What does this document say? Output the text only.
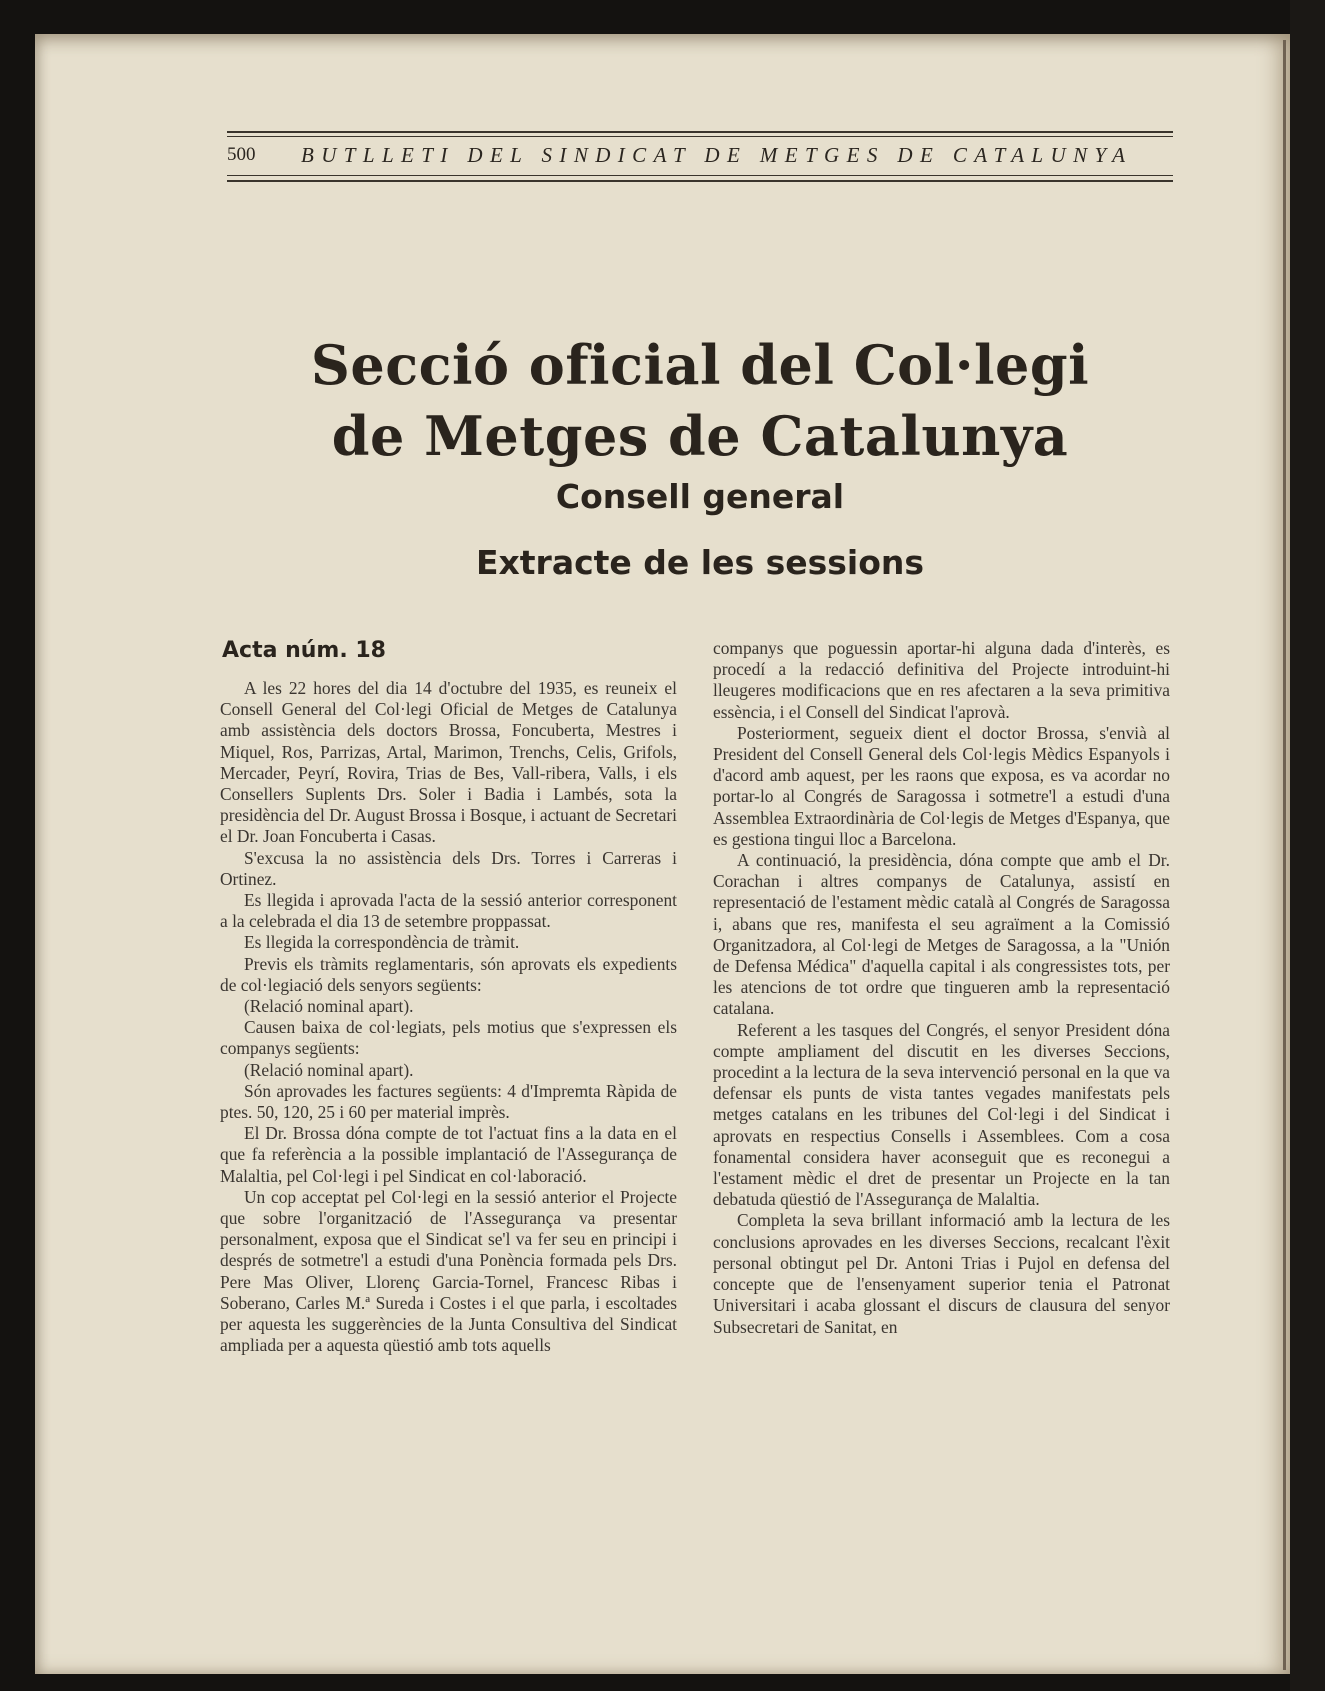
500 BUTLLETI DEL SINDICAT DE METGES DE CATALUNYA
Secció oficial del Col·legi
de Metges de Catalunya
Consell general
Extracte de les sessions
Acta núm. 18

A les 22 hores del dia 14 d'octubre del 1935, es reuneix el Consell General del Col·legi Oficial de Metges de Catalunya amb assistència dels doctors Brossa, Foncuberta, Mestres i Miquel, Ros, Parrizas, Artal, Marimon, Trenchs, Celis, Grifols, Mercader, Peyrí, Rovira, Trias de Bes, Vall-ribera, Valls, i els Consellers Suplents Drs. Soler i Badia i Lambés, sota la presidència del Dr. August Brossa i Bosque, i actuant de Secretari el Dr. Joan Foncuberta i Casas.

S'excusa la no assistència dels Drs. Torres i Carreras i Ortinez.

Es llegida i aprovada l'acta de la sessió anterior corresponent a la celebrada el dia 13 de setembre proppassat.

Es llegida la correspondència de tràmit.

Previs els tràmits reglamentaris, són aprovats els expedients de col·legiació dels senyors següents:

(Relació nominal apart).

Causen baixa de col·legiats, pels motius que s'expressen els companys següents:

(Relació nominal apart).

Són aprovades les factures següents: 4 d'Impremta Ràpida de ptes. 50, 120, 25 i 60 per material imprès.

El Dr. Brossa dóna compte de tot l'actuat fins a la data en el que fa referència a la possible implantació de l'Assegurança de Malaltia, pel Col·legi i pel Sindicat en col·laboració.

Un cop acceptat pel Col·legi en la sessió anterior el Projecte que sobre l'organització de l'Assegurança va presentar personalment, exposa que el Sindicat se'l va fer seu en principi i després de sotmetre'l a estudi d'una Ponència formada pels Drs. Pere Mas Oliver, Llorenç Garcia-Tornel, Francesc Ribas i Soberano, Carles M.ª Sureda i Costes i el que parla, i escoltades per aquesta les suggerències de la Junta Consultiva del Sindicat ampliada per a aquesta qüestió amb tots aquells

companys que poguessin aportar-hi alguna dada d'interès, es procedí a la redacció definitiva del Projecte introduint-hi lleugeres modificacions que en res afectaren a la seva primitiva essència, i el Consell del Sindicat l'aprovà.

Posteriorment, segueix dient el doctor Brossa, s'envià al President del Consell General dels Col·legis Mèdics Espanyols i d'acord amb aquest, per les raons que exposa, es va acordar no portar-lo al Congrés de Saragossa i sotmetre'l a estudi d'una Assemblea Extraordinària de Col·legis de Metges d'Espanya, que es gestiona tingui lloc a Barcelona.

A continuació, la presidència, dóna compte que amb el Dr. Corachan i altres companys de Catalunya, assistí en representació de l'estament mèdic català al Congrés de Saragossa i, abans que res, manifesta el seu agraïment a la Comissió Organitzadora, al Col·legi de Metges de Saragossa, a la "Unión de Defensa Médica" d'aquella capital i als congressistes tots, per les atencions de tot ordre que tingueren amb la representació catalana.

Referent a les tasques del Congrés, el senyor President dóna compte ampliament del discutit en les diverses Seccions, procedint a la lectura de la seva intervenció personal en la que va defensar els punts de vista tantes vegades manifestats pels metges catalans en les tribunes del Col·legi i del Sindicat i aprovats en respectius Consells i Assemblees. Com a cosa fonamental considera haver aconseguit que es reconegui a l'estament mèdic el dret de presentar un Projecte en la tan debatuda qüestió de l'Assegurança de Malaltia.

Completa la seva brillant informació amb la lectura de les conclusions aprovades en les diverses Seccions, recalcant l'èxit personal obtingut pel Dr. Antoni Trias i Pujol en defensa del concepte que de l'ensenyament superior tenia el Patronat Universitari i acaba glossant el discurs de clausura del senyor Subsecretari de Sanitat, en
